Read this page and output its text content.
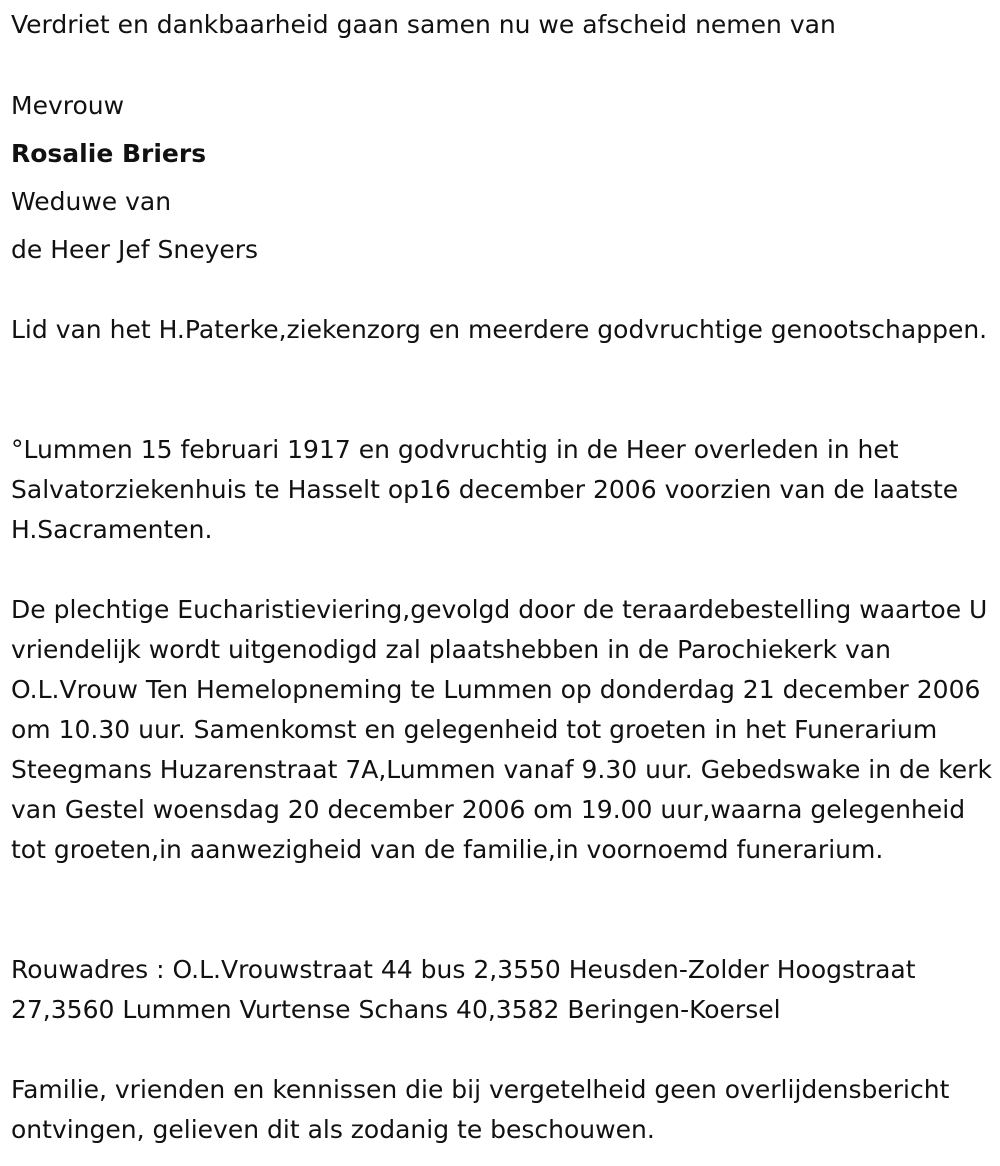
Verdriet en dankbaarheid gaan samen nu we afscheid nemen van
Mevrouw
Rosalie Briers
Weduwe van
de Heer Jef Sneyers

Lid van het H.Paterke,ziekenzorg en meerdere godvruchtige genootschappen.

°Lummen 15 februari 1917 en godvruchtig in de Heer overleden in het Salvatorziekenhuis te Hasselt op16 december 2006 voorzien van de laatste H.Sacramenten.

De plechtige Eucharistieviering,gevolgd door de teraardebestelling waartoe U vriendelijk wordt uitgenodigd zal plaatshebben in de Parochiekerk van O.L.Vrouw Ten Hemelopneming te Lummen op donderdag 21 december 2006 om 10.30 uur. Samenkomst en gelegenheid tot groeten in het Funerarium Steegmans Huzarenstraat 7A,Lummen vanaf 9.30 uur. Gebedswake in de kerk van Gestel woensdag 20 december 2006 om 19.00 uur,waarna gelegenheid tot groeten,in aanwezigheid van de familie,in voornoemd funerarium.

Rouwadres : O.L.Vrouwstraat 44 bus 2,3550 Heusden-Zolder Hoogstraat 27,3560 Lummen Vurtense Schans 40,3582 Beringen-Koersel

Familie, vrienden en kennissen die bij vergetelheid geen overlijdensbericht ontvingen, gelieven dit als zodanig te beschouwen.
